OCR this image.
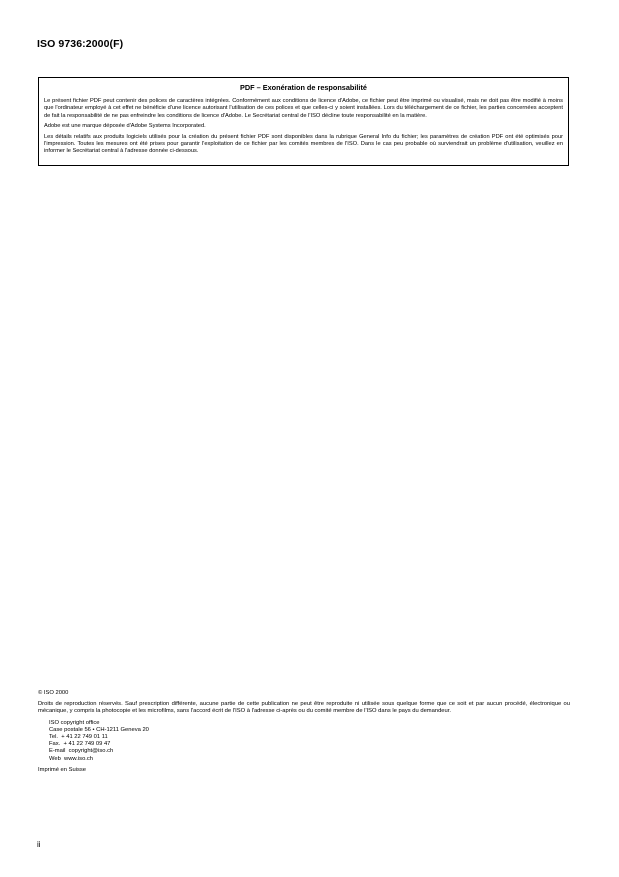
ISO 9736:2000(F)
PDF – Exonération de responsabilité

Le présent fichier PDF peut contenir des polices de caractères intégrées. Conformément aux conditions de licence d'Adobe, ce fichier peut être imprimé ou visualisé, mais ne doit pas être modifié à moins que l'ordinateur employé à cet effet ne bénéficie d'une licence autorisant l'utilisation de ces polices et que celles-ci y soient installées. Lors du téléchargement de ce fichier, les parties concernées acceptent de fait la responsabilité de ne pas enfreindre les conditions de licence d'Adobe. Le Secrétariat central de l'ISO décline toute responsabilité en la matière.

Adobe est une marque déposée d'Adobe Systems Incorporated.

Les détails relatifs aux produits logiciels utilisés pour la création du présent fichier PDF sont disponibles dans la rubrique General Info du fichier; les paramètres de création PDF ont été optimisés pour l'impression. Toutes les mesures ont été prises pour garantir l'exploitation de ce fichier par les comités membres de l'ISO. Dans le cas peu probable où surviendrait un problème d'utilisation, veuillez en informer le Secrétariat central à l'adresse donnée ci-dessous.

© ISO 2000
Droits de reproduction réservés. Sauf prescription différente, aucune partie de cette publication ne peut être reproduite ni utilisée sous quelque forme que ce soit et par aucun procédé, électronique ou mécanique, y compris la photocopie et les microfilms, sans l'accord écrit de l'ISO à l'adresse ci-après ou du comité membre de l'ISO dans le pays du demandeur.
ISO copyright office
Case postale 56 • CH-1211 Geneva 20
Tel.  + 41 22 749 01 11
Fax.  + 41 22 749 09 47
E-mail  copyright@iso.ch
Web  www.iso.ch
Imprimé en Suisse
ii
